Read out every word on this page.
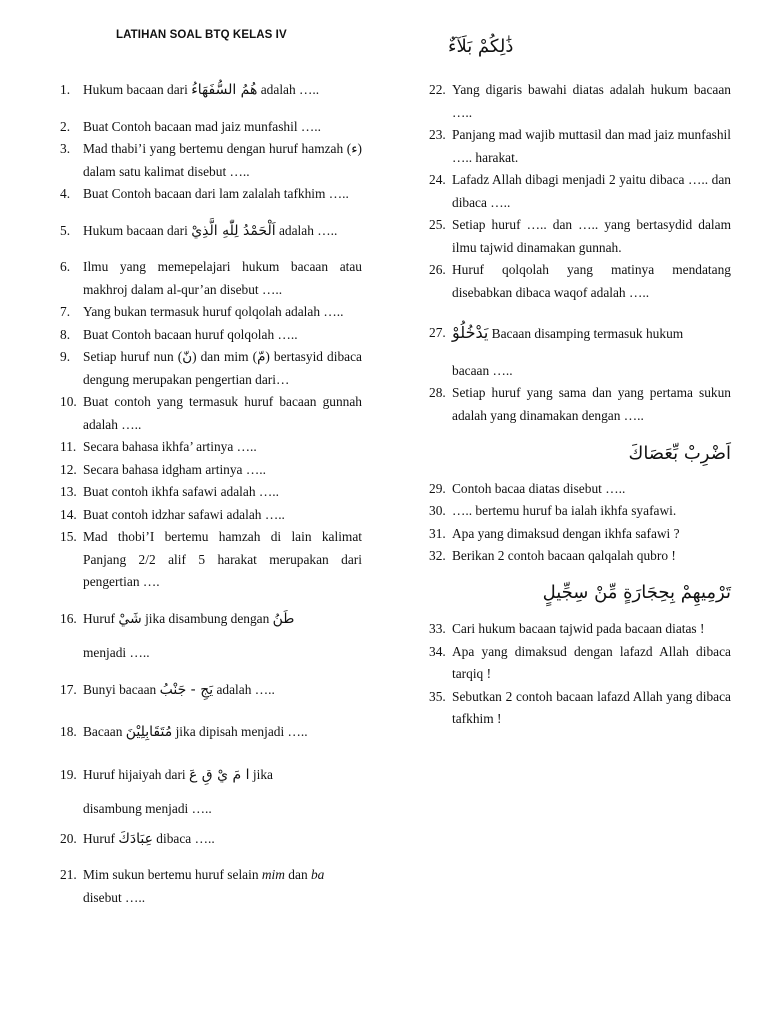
LATIHAN SOAL BTQ KELAS IV
ذَٰلِكُمْ بَلَآءٌ
1. Hukum bacaan dari هُمُ السُّفَهَاءُ adalah …..
2. Buat Contoh bacaan mad jaiz munfashil …..
3. Mad thabi’i yang bertemu dengan huruf hamzah (ء) dalam satu kalimat disebut …..
4. Buat Contoh bacaan dari lam zalalah tafkhim …..
5. Hukum bacaan dari اَلْحَمْدُ لِلّٰهِ الَّذِيْ adalah …..
6. Ilmu yang memepelajari hukum bacaan atau makhroj dalam al-qur’an disebut …..
7. Yang bukan termasuk huruf qolqolah adalah …..
8. Buat Contoh bacaan huruf qolqolah …..
9. Setiap huruf nun (نّ) dan mim (مّ) bertasyid dibaca dengung merupakan pengertian dari…
10. Buat contoh yang termasuk huruf bacaan gunnah adalah …..
11. Secara bahasa ikhfa’ artinya …..
12. Secara bahasa idgham artinya …..
13. Buat contoh ikhfa safawi adalah …..
14. Buat contoh idzhar safawi adalah …..
15. Mad thobi’I bertemu hamzah di lain kalimat Panjang 2/2 alif 5 harakat merupakan dari pengertian ….
16. Huruf شَيْ jika disambung dengan طَنُ
menjadi …..
17. Bunyi bacaan يَجِ - جَنْبُ adalah …..
18. Bacaan مُتَقَابِلِيْنَ jika dipisah menjadi …..
19. Huruf hijaiyah dari ا مَ يْ قِ عَ jika
disambung menjadi …..
20. Huruf عِبَادَكَ dibaca …..
21. Mim sukun bertemu huruf selain mim dan ba
disebut …..
22. Yang digaris bawahi diatas adalah hukum bacaan …..
23. Panjang mad wajib muttasil dan mad jaiz munfashil ….. harakat.
24. Lafadz Allah dibagi menjadi 2 yaitu dibaca ….. dan dibaca …..
25. Setiap huruf ….. dan ….. yang bertasydid dalam ilmu tajwid dinamakan gunnah.
26. Huruf qolqolah yang matinya mendatang disebabkan dibaca waqof adalah …..
27. يَدْخُلُوْ Bacaan disamping termasuk hukum
bacaan …..
28. Setiap huruf yang sama dan yang pertama sukun adalah yang dinamakan dengan …..
اَضْرِبْ بِّعَصَاكَ
29. Contoh bacaa diatas disebut …..
30. ….. bertemu huruf ba ialah ikhfa syafawi.
31. Apa yang dimaksud dengan ikhfa safawi ?
32. Berikan 2 contoh bacaan qalqalah qubro !
تَرْمِيهِمْ بِحِجَارَةٍ مِّنْ سِجِّيلٍ
33. Cari hukum bacaan tajwid pada bacaan diatas !
34. Apa yang dimaksud dengan lafazd Allah dibaca tarqiq !
35. Sebutkan 2 contoh bacaan lafazd Allah yang dibaca tafkhim !
